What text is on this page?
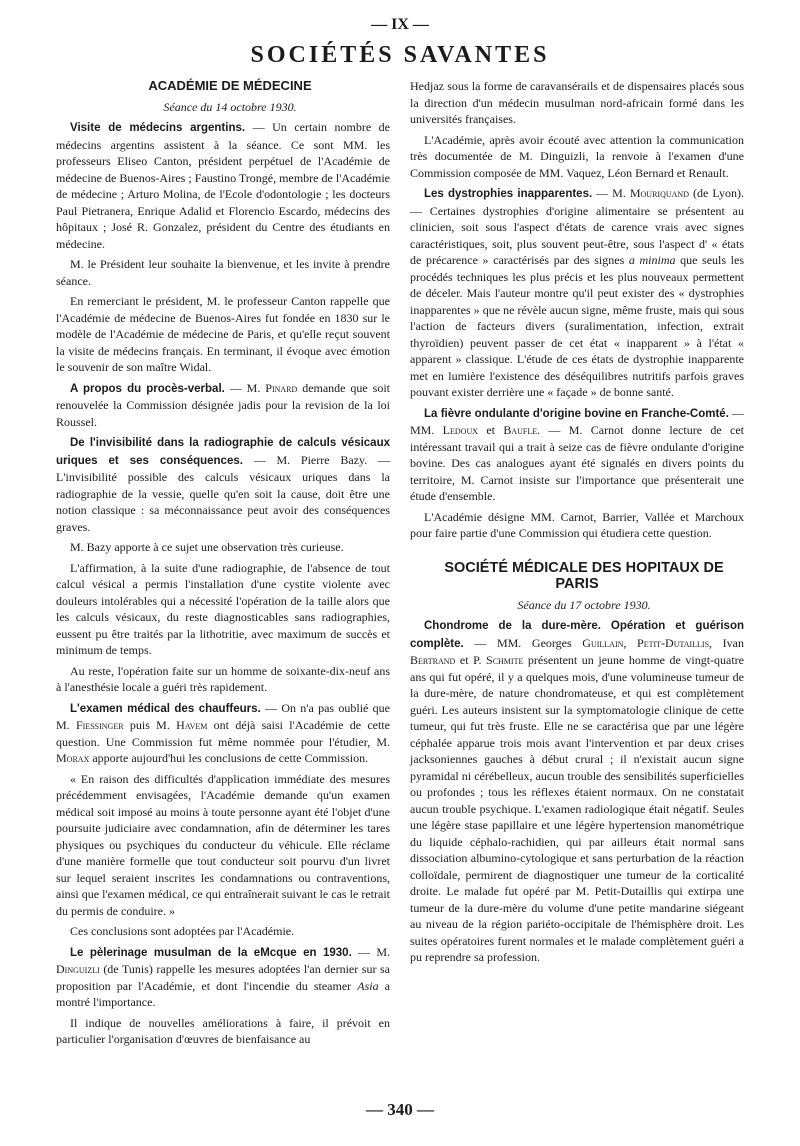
— IX —
SOCIÉTÉS SAVANTES

ACADÉMIE DE MÉDECINE

Séance du 14 octobre 1930.

Visite de médecins argentins. — Un certain nombre de médecins argentins assistent à la séance. Ce sont MM. les professeurs Eliseo Canton, président perpétuel de l'Académie de médecine de Buenos-Aires ; Faustino Trongé, membre de l'Académie de médecine ; Arturo Molina, de l'Ecole d'odontologie ; les docteurs Paul Pietranera, Enrique Adalid et Florencio Escardo, médecins des hôpitaux ; José R. Gonzalez, président du Centre des étudiants en médecine.

M. le Président leur souhaite la bienvenue, et les invite à prendre séance.

En remerciant le président, M. le professeur Canton rappelle que l'Académie de médecine de Buenos-Aires fut fondée en 1830 sur le modèle de l'Académie de médecine de Paris, et qu'elle reçut souvent la visite de médecins français. En terminant, il évoque avec émotion le souvenir de son maître Widal.

A propos du procès-verbal. — M. Pinard demande que soit renouvelée la Commission désignée jadis pour la revision de la loi Roussel.

De l'invisibilité dans la radiographie de calculs vésicaux uriques et ses conséquences. — M. Pierre Bazy. — L'invisibilité possible des calculs vésicaux uriques dans la radiographie de la vessie, quelle qu'en soit la cause, doit être une notion classique : sa méconnaissance peut avoir des conséquences graves.

M. Bazy apporte à ce sujet une observation très curieuse.

L'affirmation, à la suite d'une radiographie, de l'absence de tout calcul vésical a permis l'installation d'une cystite violente avec douleurs intolérables qui a nécessité l'opération de la taille alors que les calculs vésicaux, du reste diagnosticables sans radiographies, eussent pu être traités par la lithotritie, avec maximum de succès et minimum de temps.

Au reste, l'opération faite sur un homme de soixante-dix-neuf ans à l'anesthésie locale a guéri très rapidement.

L'examen médical des chauffeurs. — On n'a pas oublié que M. Fiessinger puis M. Havem ont déjà saisi l'Académie de cette question. Une Commission fut même nommée pour l'étudier, M. Morax apporte aujourd'hui les conclusions de cette Commission.

« En raison des difficultés d'application immédiate des mesures précédemment envisagées, l'Académie demande qu'un examen médical soit imposé au moins à toute personne ayant été l'objet d'une poursuite judiciaire avec condamnation, afin de déterminer les tares physiques ou psychiques du conducteur du véhicule. Elle réclame d'une manière formelle que tout conducteur soit pourvu d'un livret sur lequel seraient inscrites les condamnations ou contraventions, ainsi que l'examen médical, ce qui entraînerait suivant le cas le retrait du permis de conduire. »

Ces conclusions sont adoptées par l'Académie.

Le pèlerinage musulman de la eMcque en 1930. — M. Dinguizli (de Tunis) rappelle les mesures adoptées l'an dernier sur sa proposition par l'Académie, et dont l'incendie du steamer Asia a montré l'importance.

Il indique de nouvelles améliorations à faire, il prévoit en particulier l'organisation d'œuvres de bienfaisance au

Hedjaz sous la forme de caravansérails et de dispensaires placés sous la direction d'un médecin musulman nord-africain formé dans les universités françaises.

L'Académie, après avoir écouté avec attention la communication très documentée de M. Dinguizli, la renvoie à l'examen d'une Commission composée de MM. Vaquez, Léon Bernard et Renault.

Les dystrophies inapparentes. — M. Mouriquand (de Lyon). — Certaines dystrophies d'origine alimentaire se présentent au clinicien, soit sous l'aspect d'états de carence vrais avec signes caractéristiques, soit, plus souvent peut-être, sous l'aspect d' « états de précarence » caractérisés par des signes a minima que seuls les procédés techniques les plus précis et les plus nouveaux permettent de déceler. Mais l'auteur montre qu'il peut exister des « dystrophies inapparentes » que ne révèle aucun signe, même fruste, mais qui sous l'action de facteurs divers (suralimentation, infection, extrait thyroïdien) peuvent passer de cet état « inapparent » à l'état « apparent » classique. L'étude de ces états de dystrophie inapparente met en lumière l'existence des déséquilibres nutritifs parfois graves pouvant exister derrière une « façade » de bonne santé.

La fièvre ondulante d'origine bovine en Franche-Comté. — MM. Ledoux et Baufle. — M. Carnot donne lecture de cet intéressant travail qui a trait à seize cas de fièvre ondulante d'origine bovine. Des cas analogues ayant été signalés en divers points du territoire, M. Carnot insiste sur l'importance que présenterait une étude d'ensemble.

L'Académie désigne MM. Carnot, Barrier, Vallée et Marchoux pour faire partie d'une Commission qui étudiera cette question.

SOCIÉTÉ MÉDICALE DES HOPITAUX DE PARIS

Séance du 17 octobre 1930.

Chondrome de la dure-mère. Opération et guérison complète. — MM. Georges Guillain, Petit-Dutaillis, Ivan Bertrand et P. Schmite présentent un jeune homme de vingt-quatre ans qui fut opéré, il y a quelques mois, d'une volumineuse tumeur de la dure-mère, de nature chondromateuse, et qui est complètement guéri. Les auteurs insistent sur la symptomatologie clinique de cette tumeur, qui fut très fruste. Elle ne se caractérisa que par une légère céphalée apparue trois mois avant l'intervention et par deux crises jacksoniennes gauches à début crural ; il n'existait aucun signe pyramidal ni cérébelleux, aucun trouble des sensibilités superficielles ou profondes ; tous les réflexes étaient normaux. On ne constatait aucun trouble psychique. L'examen radiologique était négatif. Seules une légère stase papillaire et une légère hypertension manométrique du liquide céphalo-rachidien, qui par ailleurs était normal sans dissociation albumino-cytologique et sans perturbation de la réaction colloïdale, permirent de diagnostiquer une tumeur de la corticalité droite. Le malade fut opéré par M. Petit-Dutaillis qui extirpa une tumeur de la dure-mère du volume d'une petite mandarine siégeant au niveau de la région pariéto-occipitale de l'hémisphère droit. Les suites opératoires furent normales et le malade complètement guéri a pu reprendre sa profession.

— 340 —
